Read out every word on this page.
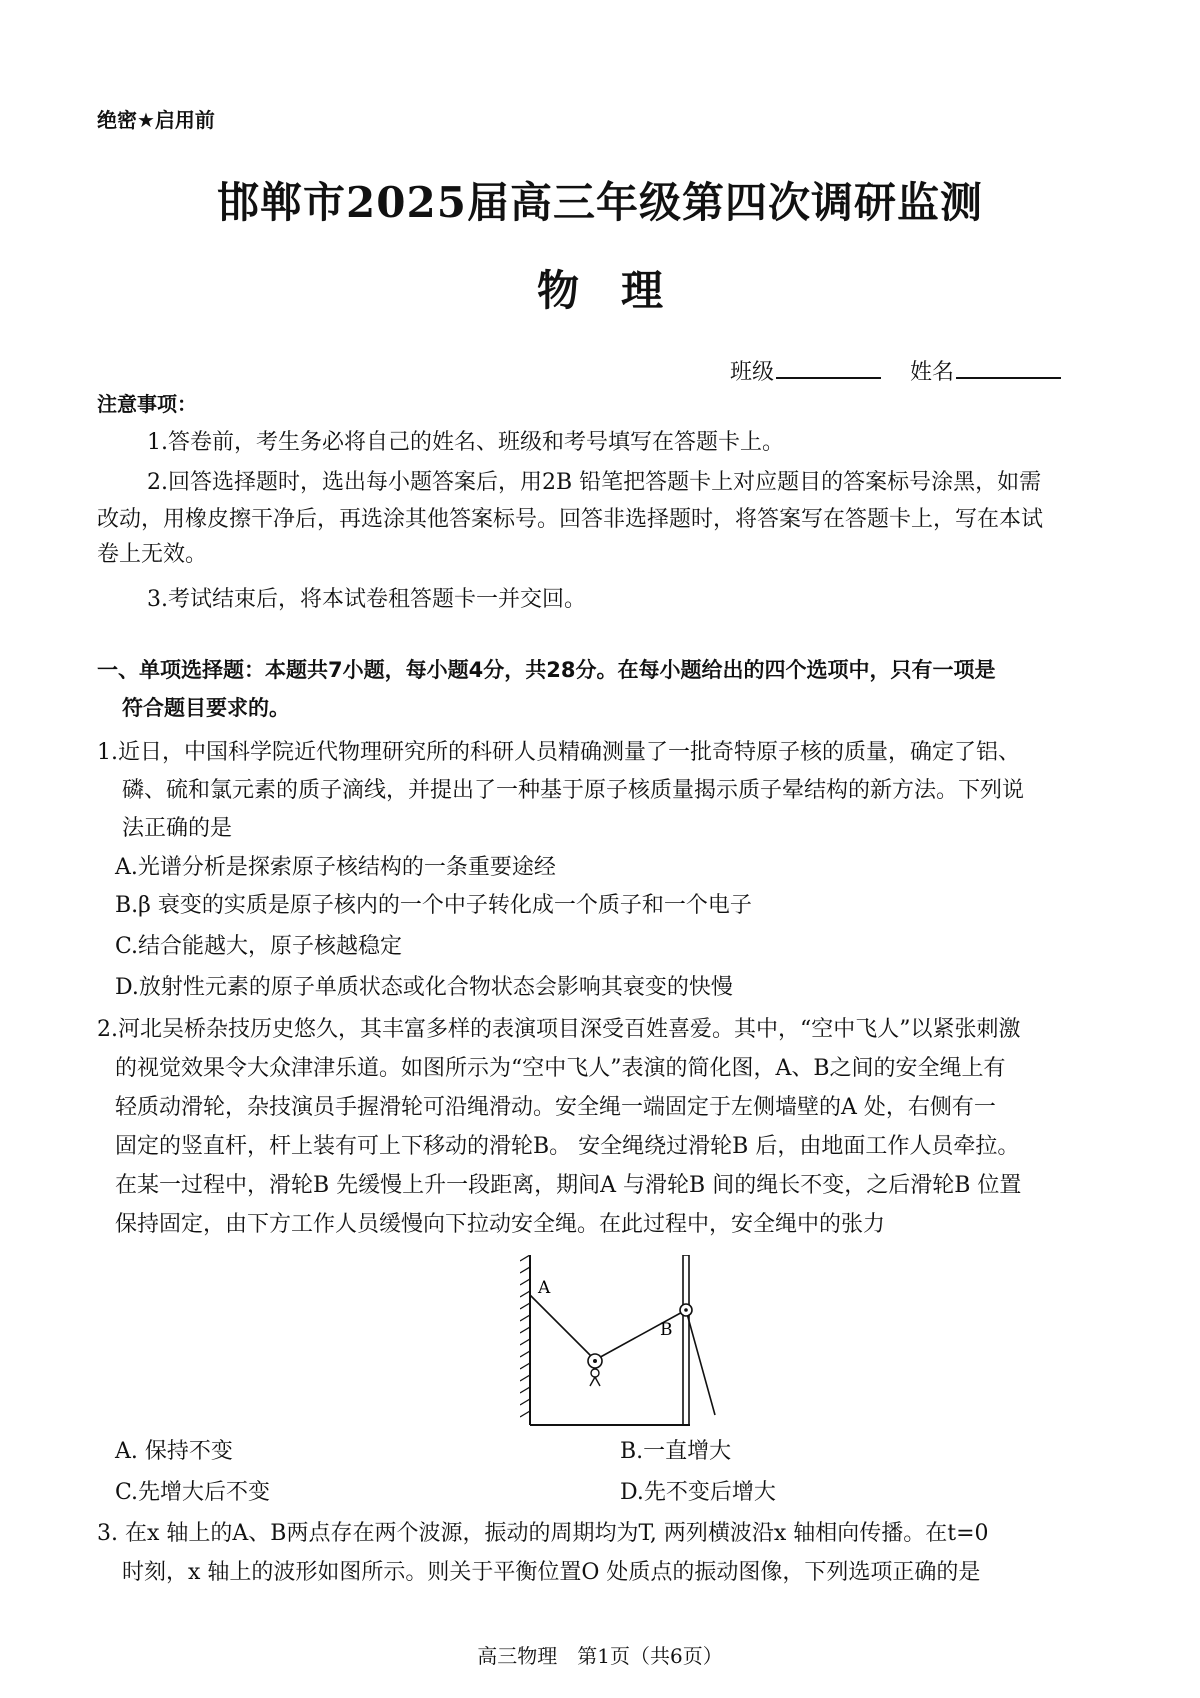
绝密★启用前
邯郸市2025届高三年级第四次调研监测
物　理
班级	姓名
注意事项：
1.答卷前，考生务必将自己的姓名、班级和考号填写在答题卡上。
2.回答选择题时，选出每小题答案后，用2B 铅笔把答题卡上对应题目的答案标号涂黑，如需
改动，用橡皮擦干净后，再选涂其他答案标号。回答非选择题时，将答案写在答题卡上，写在本试
卷上无效。
3.考试结束后，将本试卷租答题卡一并交回。
一、单项选择题：本题共7小题，每小题4分，共28分。在每小题给出的四个选项中，只有一项是
符合题目要求的。
1.近日，中国科学院近代物理研究所的科研人员精确测量了一批奇特原子核的质量，确定了铝、
磷、硫和氯元素的质子滴线，并提出了一种基于原子核质量揭示质子晕结构的新方法。下列说
法正确的是
A.光谱分析是探索原子核结构的一条重要途经
B.β 衰变的实质是原子核内的一个中子转化成一个质子和一个电子
C.结合能越大，原子核越稳定
D.放射性元素的原子单质状态或化合物状态会影响其衰变的快慢
2.河北吴桥杂技历史悠久，其丰富多样的表演项目深受百姓喜爱。其中，“空中飞人”以紧张刺激
的视觉效果令大众津津乐道。如图所示为“空中飞人”表演的简化图，A、B之间的安全绳上有
轻质动滑轮，杂技演员手握滑轮可沿绳滑动。安全绳一端固定于左侧墙壁的A 处，右侧有一
固定的竖直杆，杆上装有可上下移动的滑轮B。 安全绳绕过滑轮B 后，由地面工作人员牵拉。
在某一过程中，滑轮B 先缓慢上升一段距离，期间A 与滑轮B 间的绳长不变，之后滑轮B 位置
保持固定，由下方工作人员缓慢向下拉动安全绳。在此过程中，安全绳中的张力
A
B
A. 保持不变	B.一直增大
C.先增大后不变	D.先不变后增大
3. 在x 轴上的A、B两点存在两个波源，振动的周期均为T, 两列横波沿x 轴相向传播。在t=0
时刻，x 轴上的波形如图所示。则关于平衡位置O 处质点的振动图像，下列选项正确的是
高三物理　第1页（共6页）
